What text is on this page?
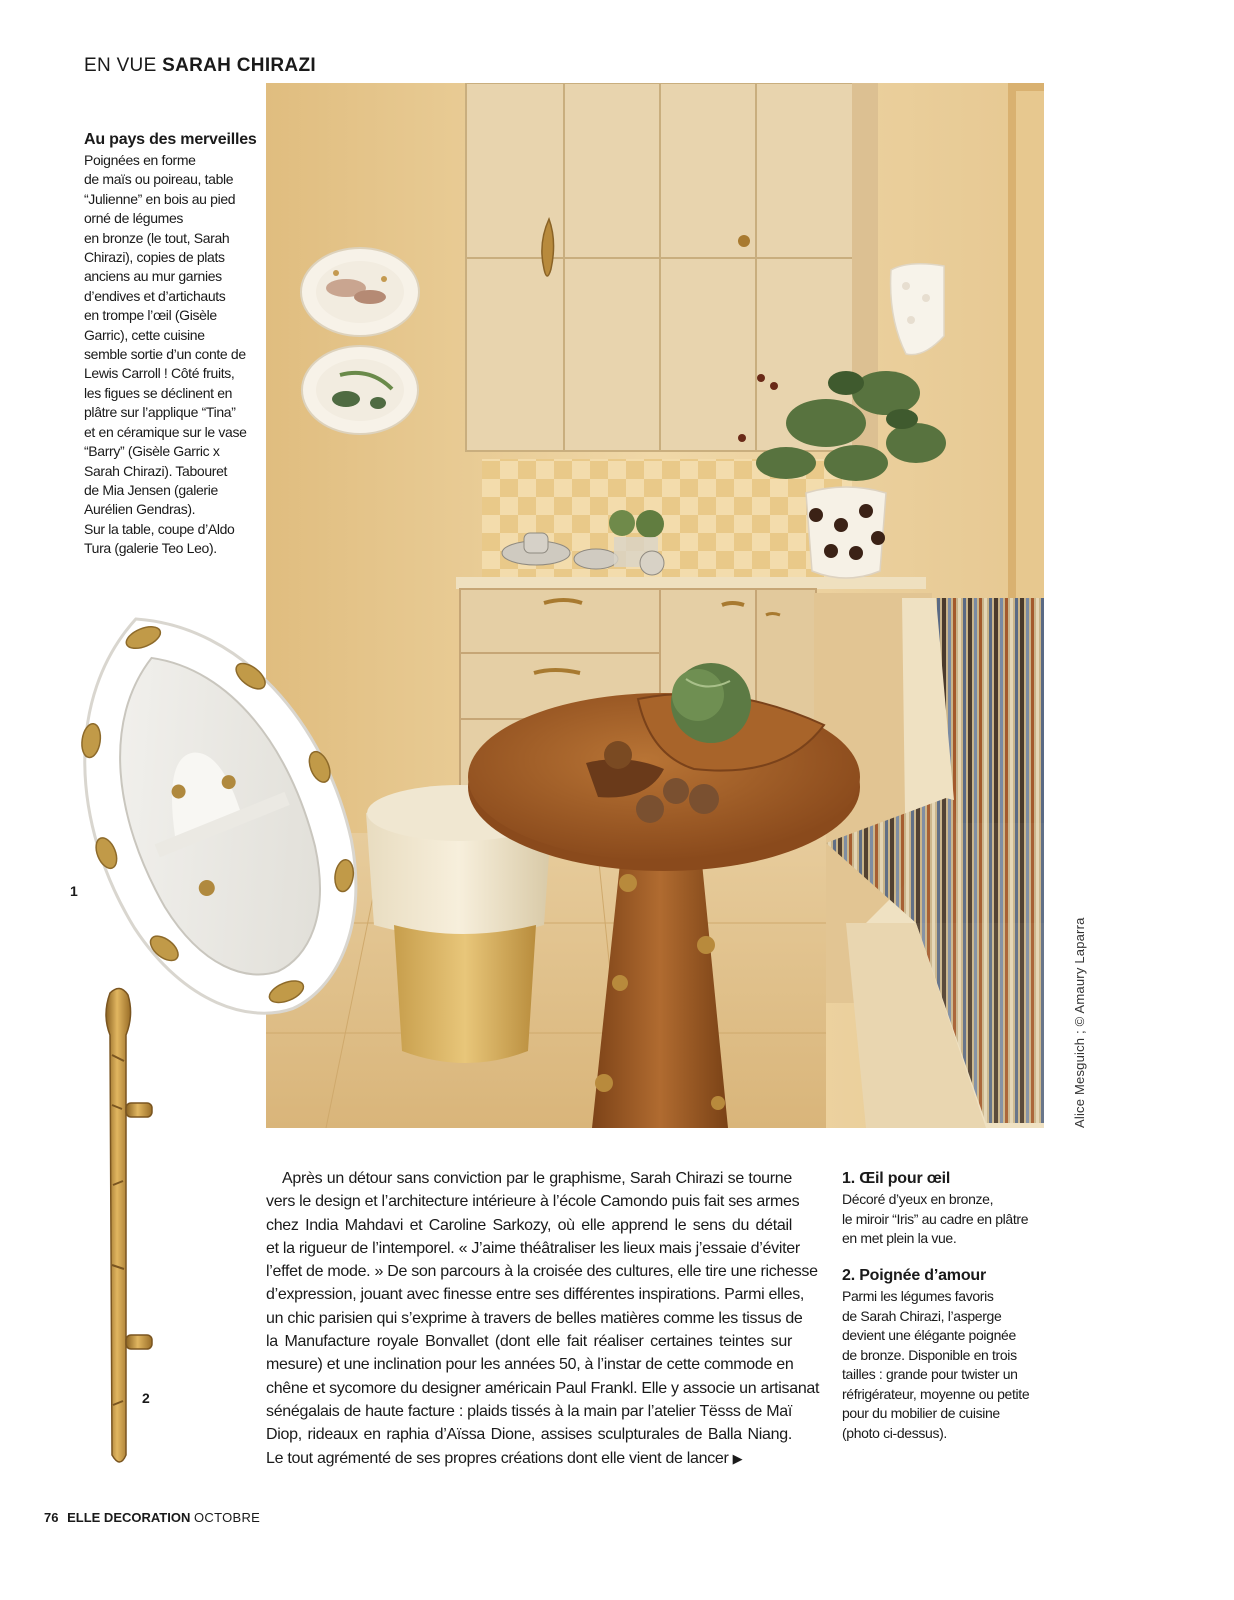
EN VUE SARAH CHIRAZI
Au pays des merveilles
Poignées en forme
de maïs ou poireau, table
“Julienne” en bois au pied
orné de légumes
en bronze (le tout, Sarah
Chirazi), copies de plats
anciens au mur garnies
d’endives et d’artichauts
en trompe l’œil (Gisèle
Garric), cette cuisine
semble sortie d’un conte de
Lewis Carroll ! Côté fruits,
les figues se déclinent en
plâtre sur l’applique “Tina”
et en céramique sur le vase
“Barry” (Gisèle Garric x
Sarah Chirazi). Tabouret
de Mia Jensen (galerie
Aurélien Gendras).
Sur la table, coupe d’Aldo
Tura (galerie Teo Leo).
1
2
Alice Mesguich ; © Amaury Laparra
Après un détour sans conviction par le graphisme, Sarah Chirazi se tourne
vers le design et l’architecture intérieure à l’école Camondo puis fait ses armes
chez India Mahdavi et Caroline Sarkozy, où elle apprend le sens du détail
et la rigueur de l’intemporel. « J’aime théâtraliser les lieux mais j’essaie d’éviter
l’effet de mode. » De son parcours à la croisée des cultures, elle tire une richesse
d’expression, jouant avec finesse entre ses différentes inspirations. Parmi elles,
un chic parisien qui s’exprime à travers de belles matières comme les tissus de
la Manufacture royale Bonvallet (dont elle fait réaliser certaines teintes sur
mesure) et une inclination pour les années 50, à l’instar de cette commode en
chêne et sycomore du designer américain Paul Frankl. Elle y associe un artisanat
sénégalais de haute facture : plaids tissés à la main par l’atelier Tësss de Maï
Diop, rideaux en raphia d’Aïssa Dione, assises sculpturales de Balla Niang.
Le tout agrémenté de ses propres créations dont elle vient de lancer ▶
1. Œil pour œil
Décoré d’yeux en bronze,
le miroir “Iris” au cadre en plâtre
en met plein la vue.
2. Poignée d’amour
Parmi les légumes favoris
de Sarah Chirazi, l’asperge
devient une élégante poignée
de bronze. Disponible en trois
tailles : grande pour twister un
réfrigérateur, moyenne ou petite
pour du mobilier de cuisine
(photo ci-dessus).
76 ELLE DECORATION OCTOBRE
